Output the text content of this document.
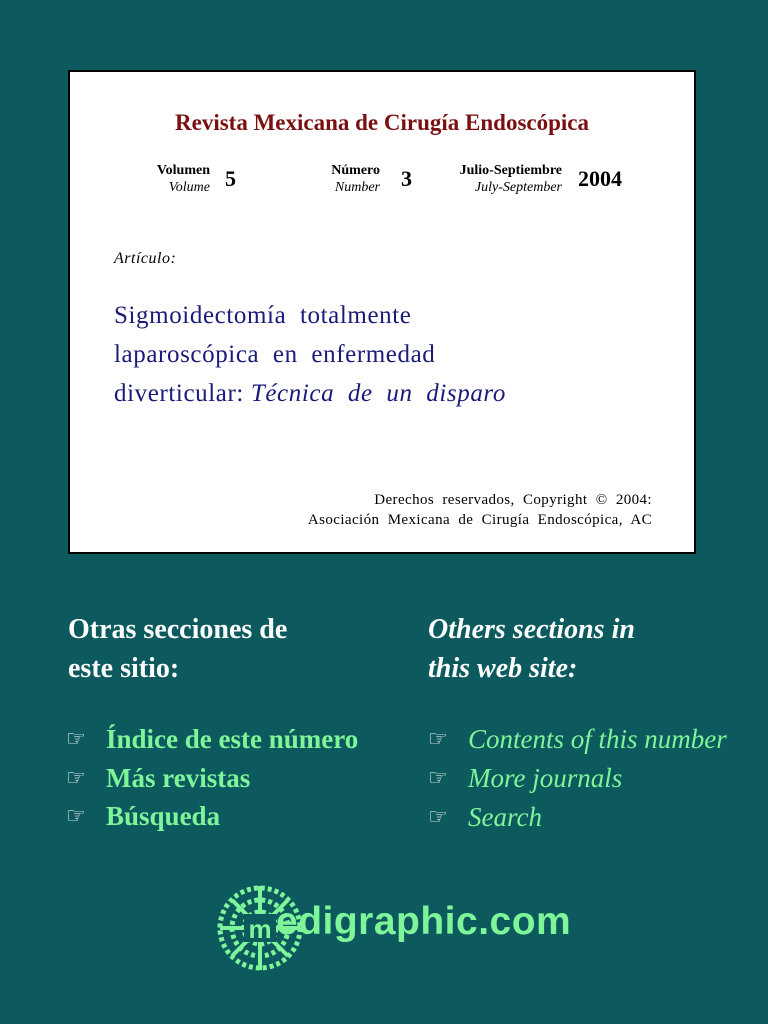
Revista Mexicana de Cirugía Endoscópica
Volumen
Volume 5	Número
Number 3	Julio-Septiembre
July-September 2004
Artículo:
Sigmoidectomía  totalmente
laparoscópica  en  enfermedad
diverticular: Técnica  de  un  disparo
Derechos  reservados,  Copyright  ©  2004:
Asociación  Mexicana  de  Cirugía  Endoscópica,  AC
Otras secciones de
este sitio:
Others sections in
this web site:
☞ Índice de este número
☞ Más revistas
☞ Búsqueda
☞ Contents of this number
☞ More journals
☞ Search
m edigraphic.com
